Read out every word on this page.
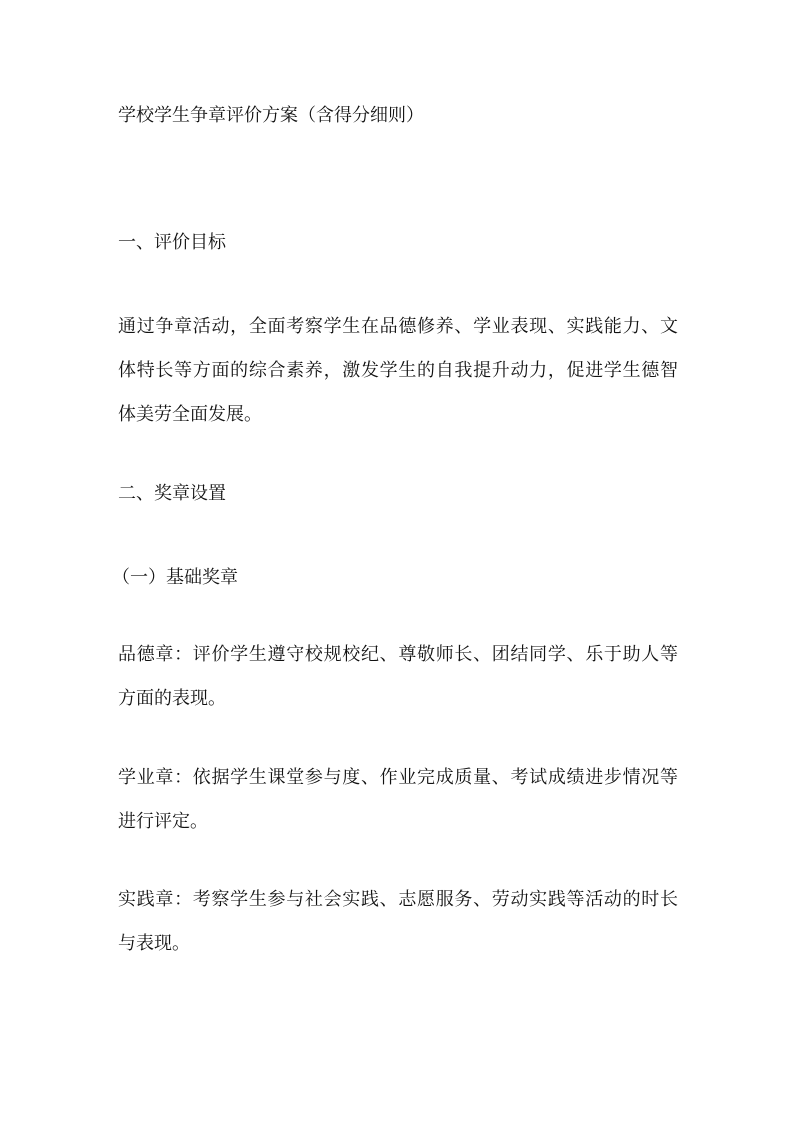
学校学生争章评价方案（含得分细则）
一、评价目标
通过争章活动，全面考察学生在品德修养、学业表现、实践能力、文
体特长等方面的综合素养，激发学生的自我提升动力，促进学生德智
体美劳全面发展。
二、奖章设置
（一）基础奖章
品德章：评价学生遵守校规校纪、尊敬师长、团结同学、乐于助人等
方面的表现。
学业章：依据学生课堂参与度、作业完成质量、考试成绩进步情况等
进行评定。
实践章：考察学生参与社会实践、志愿服务、劳动实践等活动的时长
与表现。
